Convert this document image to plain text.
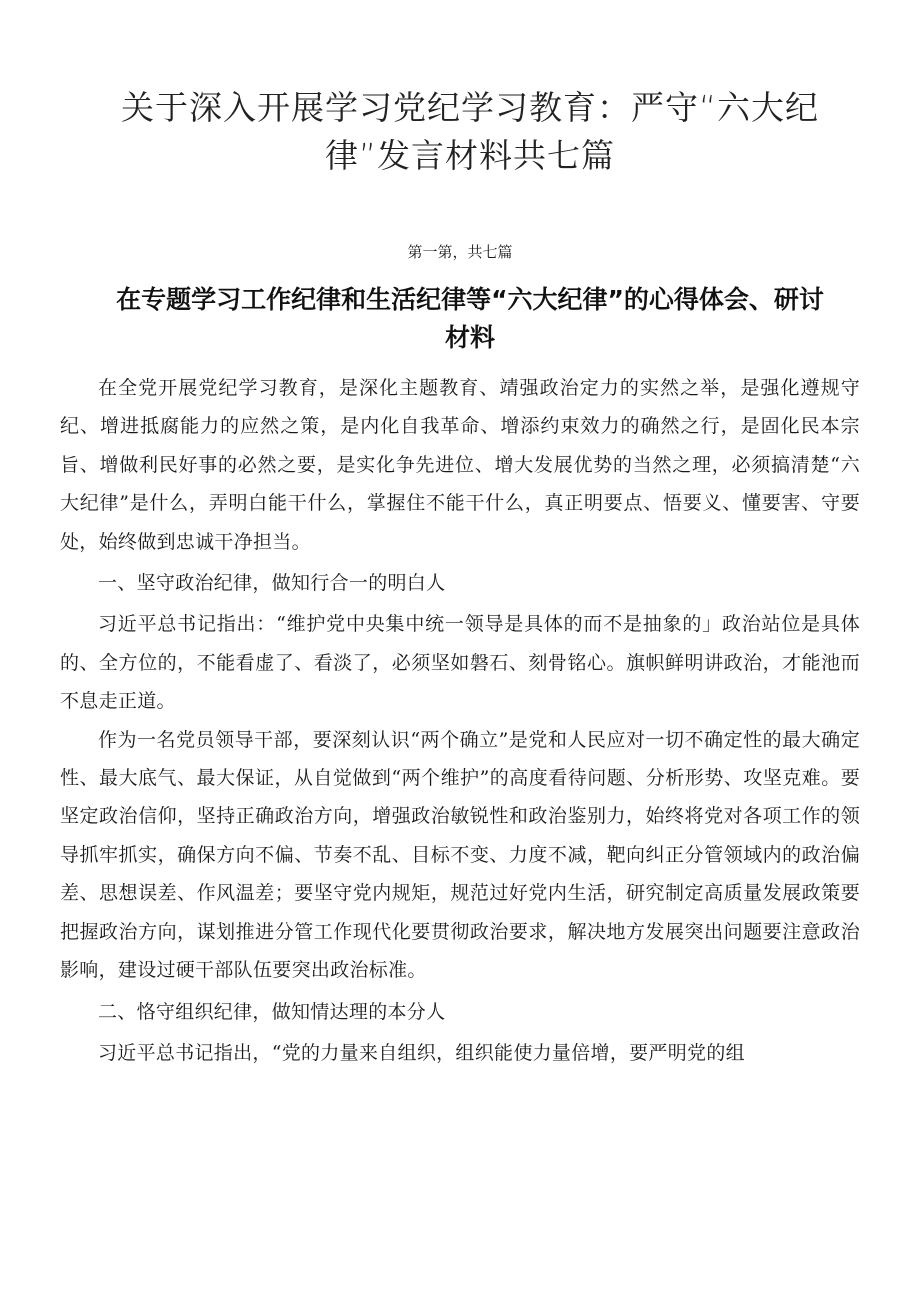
关于深入开展学习党纪学习教育：严守“六大纪律”发言材料共七篇
第一第，共七篇
在专题学习工作纪律和生活纪律等“六大纪律”的心得体会、研讨材料

在全党开展党纪学习教育，是深化主题教育、靖强政治定力的实然之举，是强化遵规守纪、增进抵腐能力的应然之策，是内化自我革命、增添约束效力的确然之行，是固化民本宗旨、增做利民好事的必然之要，是实化争先进位、增大发展优势的当然之理，必须搞清楚“六大纪律”是什么，弄明白能干什么，掌握住不能干什么，真正明要点、悟要义、懂要害、守要处，始终做到忠诚干净担当。

一、坚守政治纪律，做知行合一的明白人

习近平总书记指出：“维护党中央集中统一领导是具体的而不是抽象的」政治站位是具体的、全方位的，不能看虚了、看淡了，必须坚如磐石、刻骨铭心。旗帜鲜明讲政治，才能池而不息走正道。

作为一名党员领导干部，要深刻认识“两个确立”是党和人民应对一切不确定性的最大确定性、最大底气、最大保证，从自觉做到“两个维护”的高度看待问题、分析形势、攻坚克难。要坚定政治信仰，坚持正确政治方向，增强政治敏锐性和政治鉴别力，始终将党对各项工作的领导抓牢抓实，确保方向不偏、节奏不乱、目标不变、力度不减，靶向纠正分管领域内的政治偏差、思想误差、作风温差；要坚守党内规矩，规范过好党内生活，研究制定高质量发展政策要把握政治方向，谋划推进分管工作现代化要贯彻政治要求，解决地方发展突出问题要注意政治影响，建设过硬干部队伍要突出政治标准。

二、恪守组织纪律，做知情达理的本分人

习近平总书记指出，“党的力量来自组织，组织能使力量倍增，要严明党的组
